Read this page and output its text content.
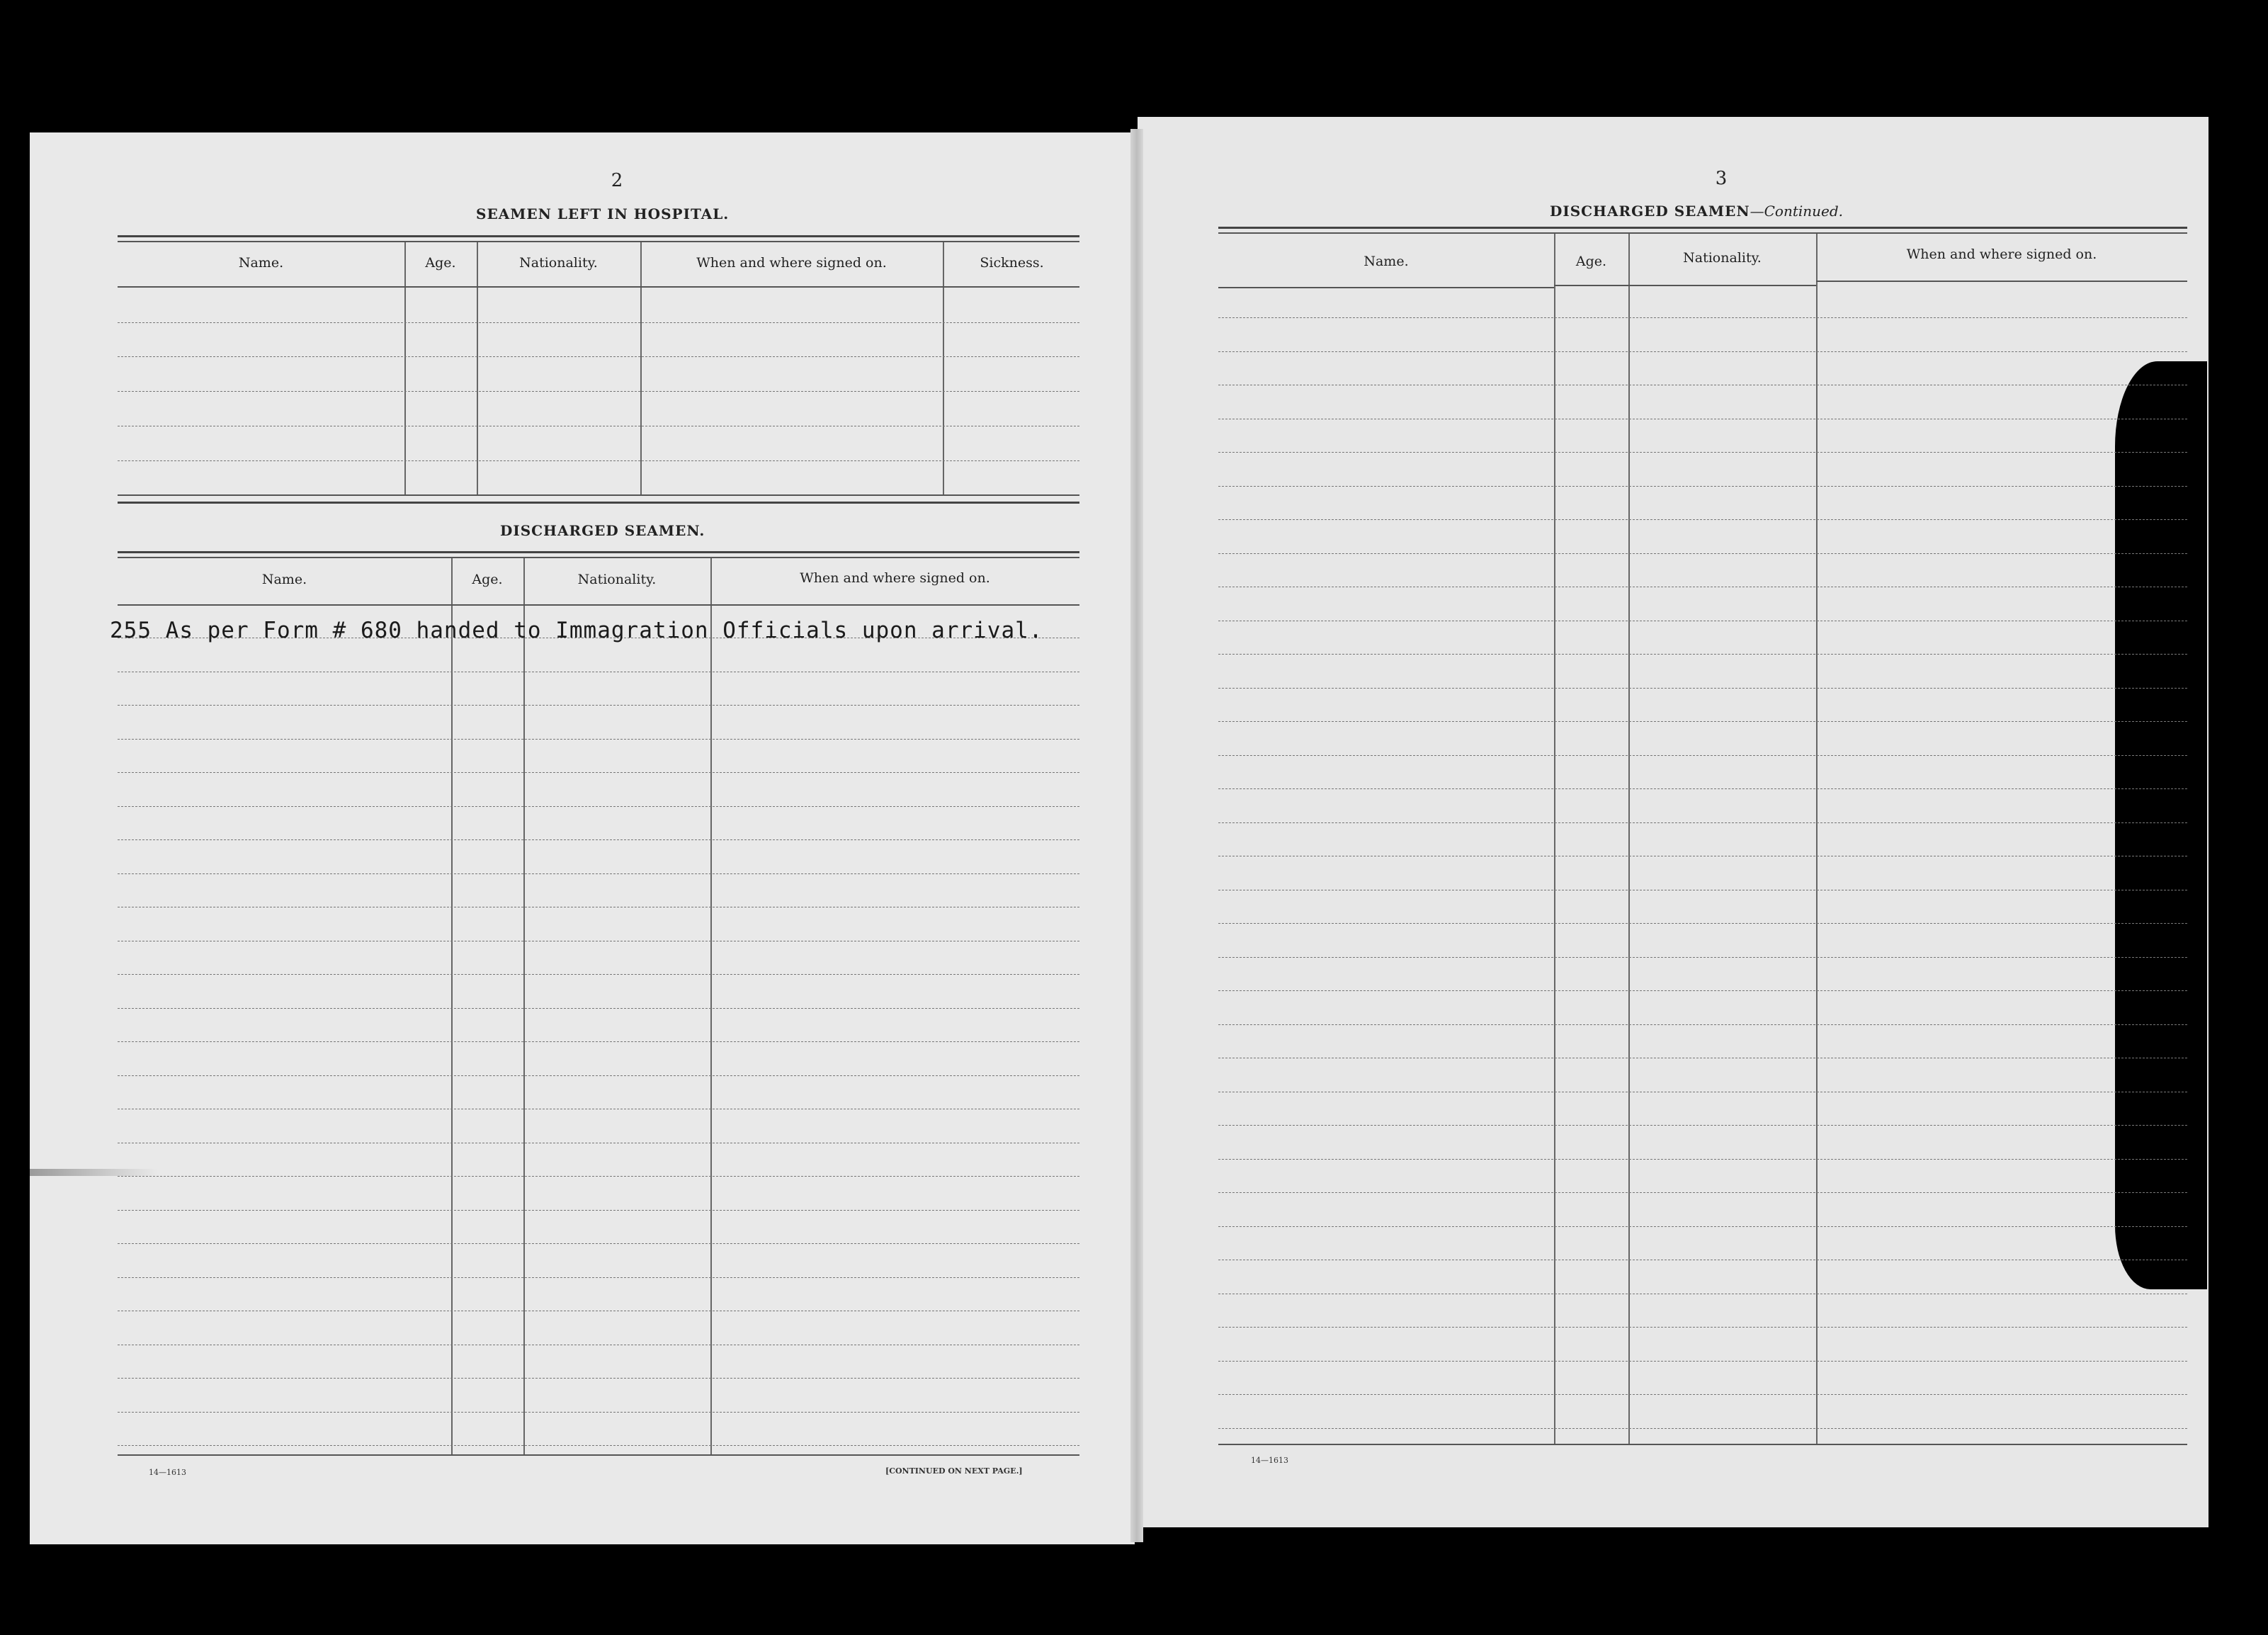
2
SEAMEN LEFT IN HOSPITAL.
Name.	Age.	Nationality.	When and where signed on.	Sickness.
DISCHARGED SEAMEN.
Name.	Age.	Nationality.	When and where signed on.
255 As per Form # 680 handed to Immagration Officials upon arrival.
14—1613	[CONTINUED ON NEXT PAGE.]
3
DISCHARGED SEAMEN—Continued.
Name.	Age.	Nationality.	When and where signed on.
14—1613
